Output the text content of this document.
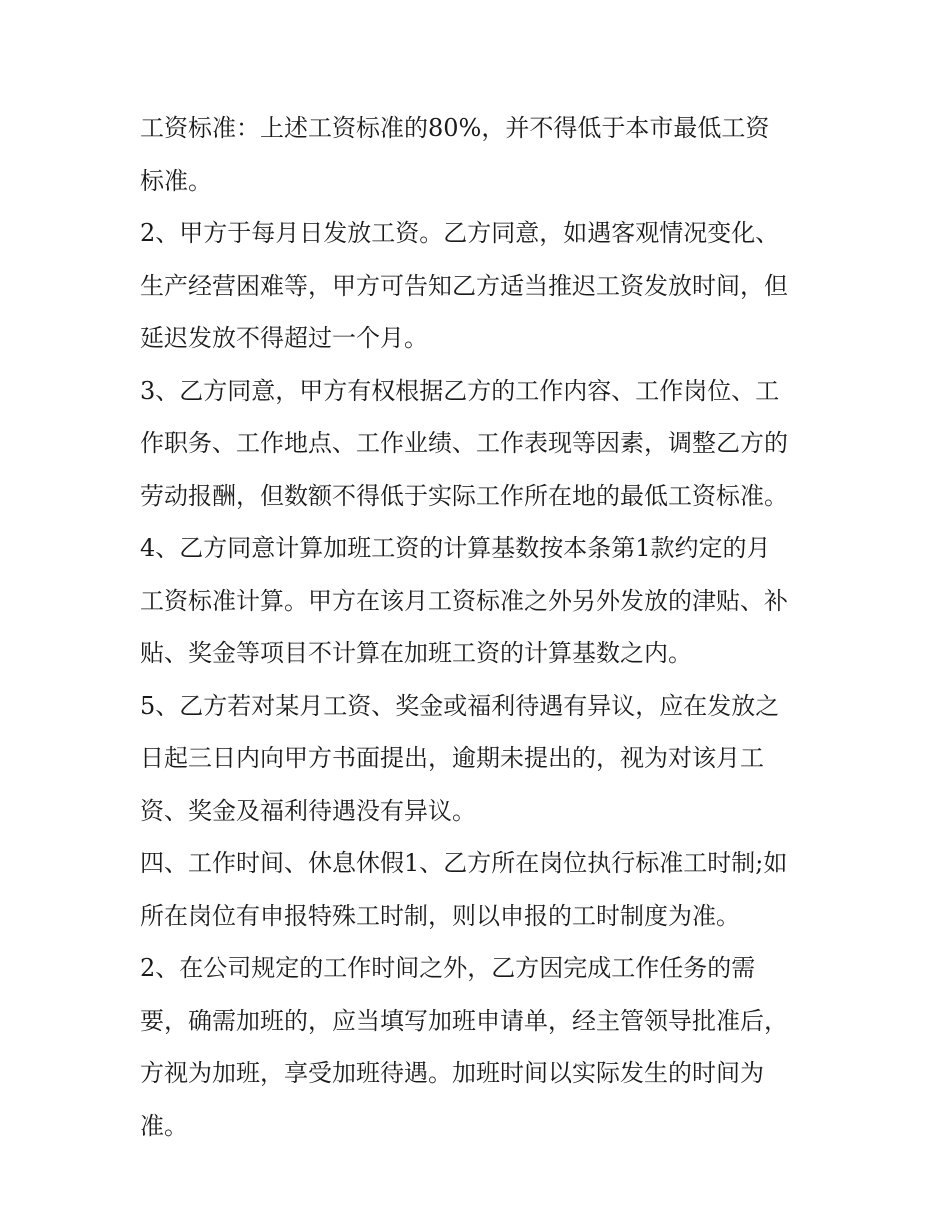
工资标准：上述工资标准的80%，并不得低于本市最低工资
标准。
2、甲方于每月日发放工资。乙方同意，如遇客观情况变化、
生产经营困难等，甲方可告知乙方适当推迟工资发放时间，但
延迟发放不得超过一个月。
3、乙方同意，甲方有权根据乙方的工作内容、工作岗位、工
作职务、工作地点、工作业绩、工作表现等因素，调整乙方的
劳动报酬，但数额不得低于实际工作所在地的最低工资标准。
4、乙方同意计算加班工资的计算基数按本条第1款约定的月
工资标准计算。甲方在该月工资标准之外另外发放的津贴、补
贴、奖金等项目不计算在加班工资的计算基数之内。
5、乙方若对某月工资、奖金或福利待遇有异议，应在发放之
日起三日内向甲方书面提出，逾期未提出的，视为对该月工
资、奖金及福利待遇没有异议。
四、工作时间、休息休假1、乙方所在岗位执行标准工时制;如
所在岗位有申报特殊工时制，则以申报的工时制度为准。
2、在公司规定的工作时间之外，乙方因完成工作任务的需
要，确需加班的，应当填写加班申请单，经主管领导批准后，
方视为加班，享受加班待遇。加班时间以实际发生的时间为
准。
